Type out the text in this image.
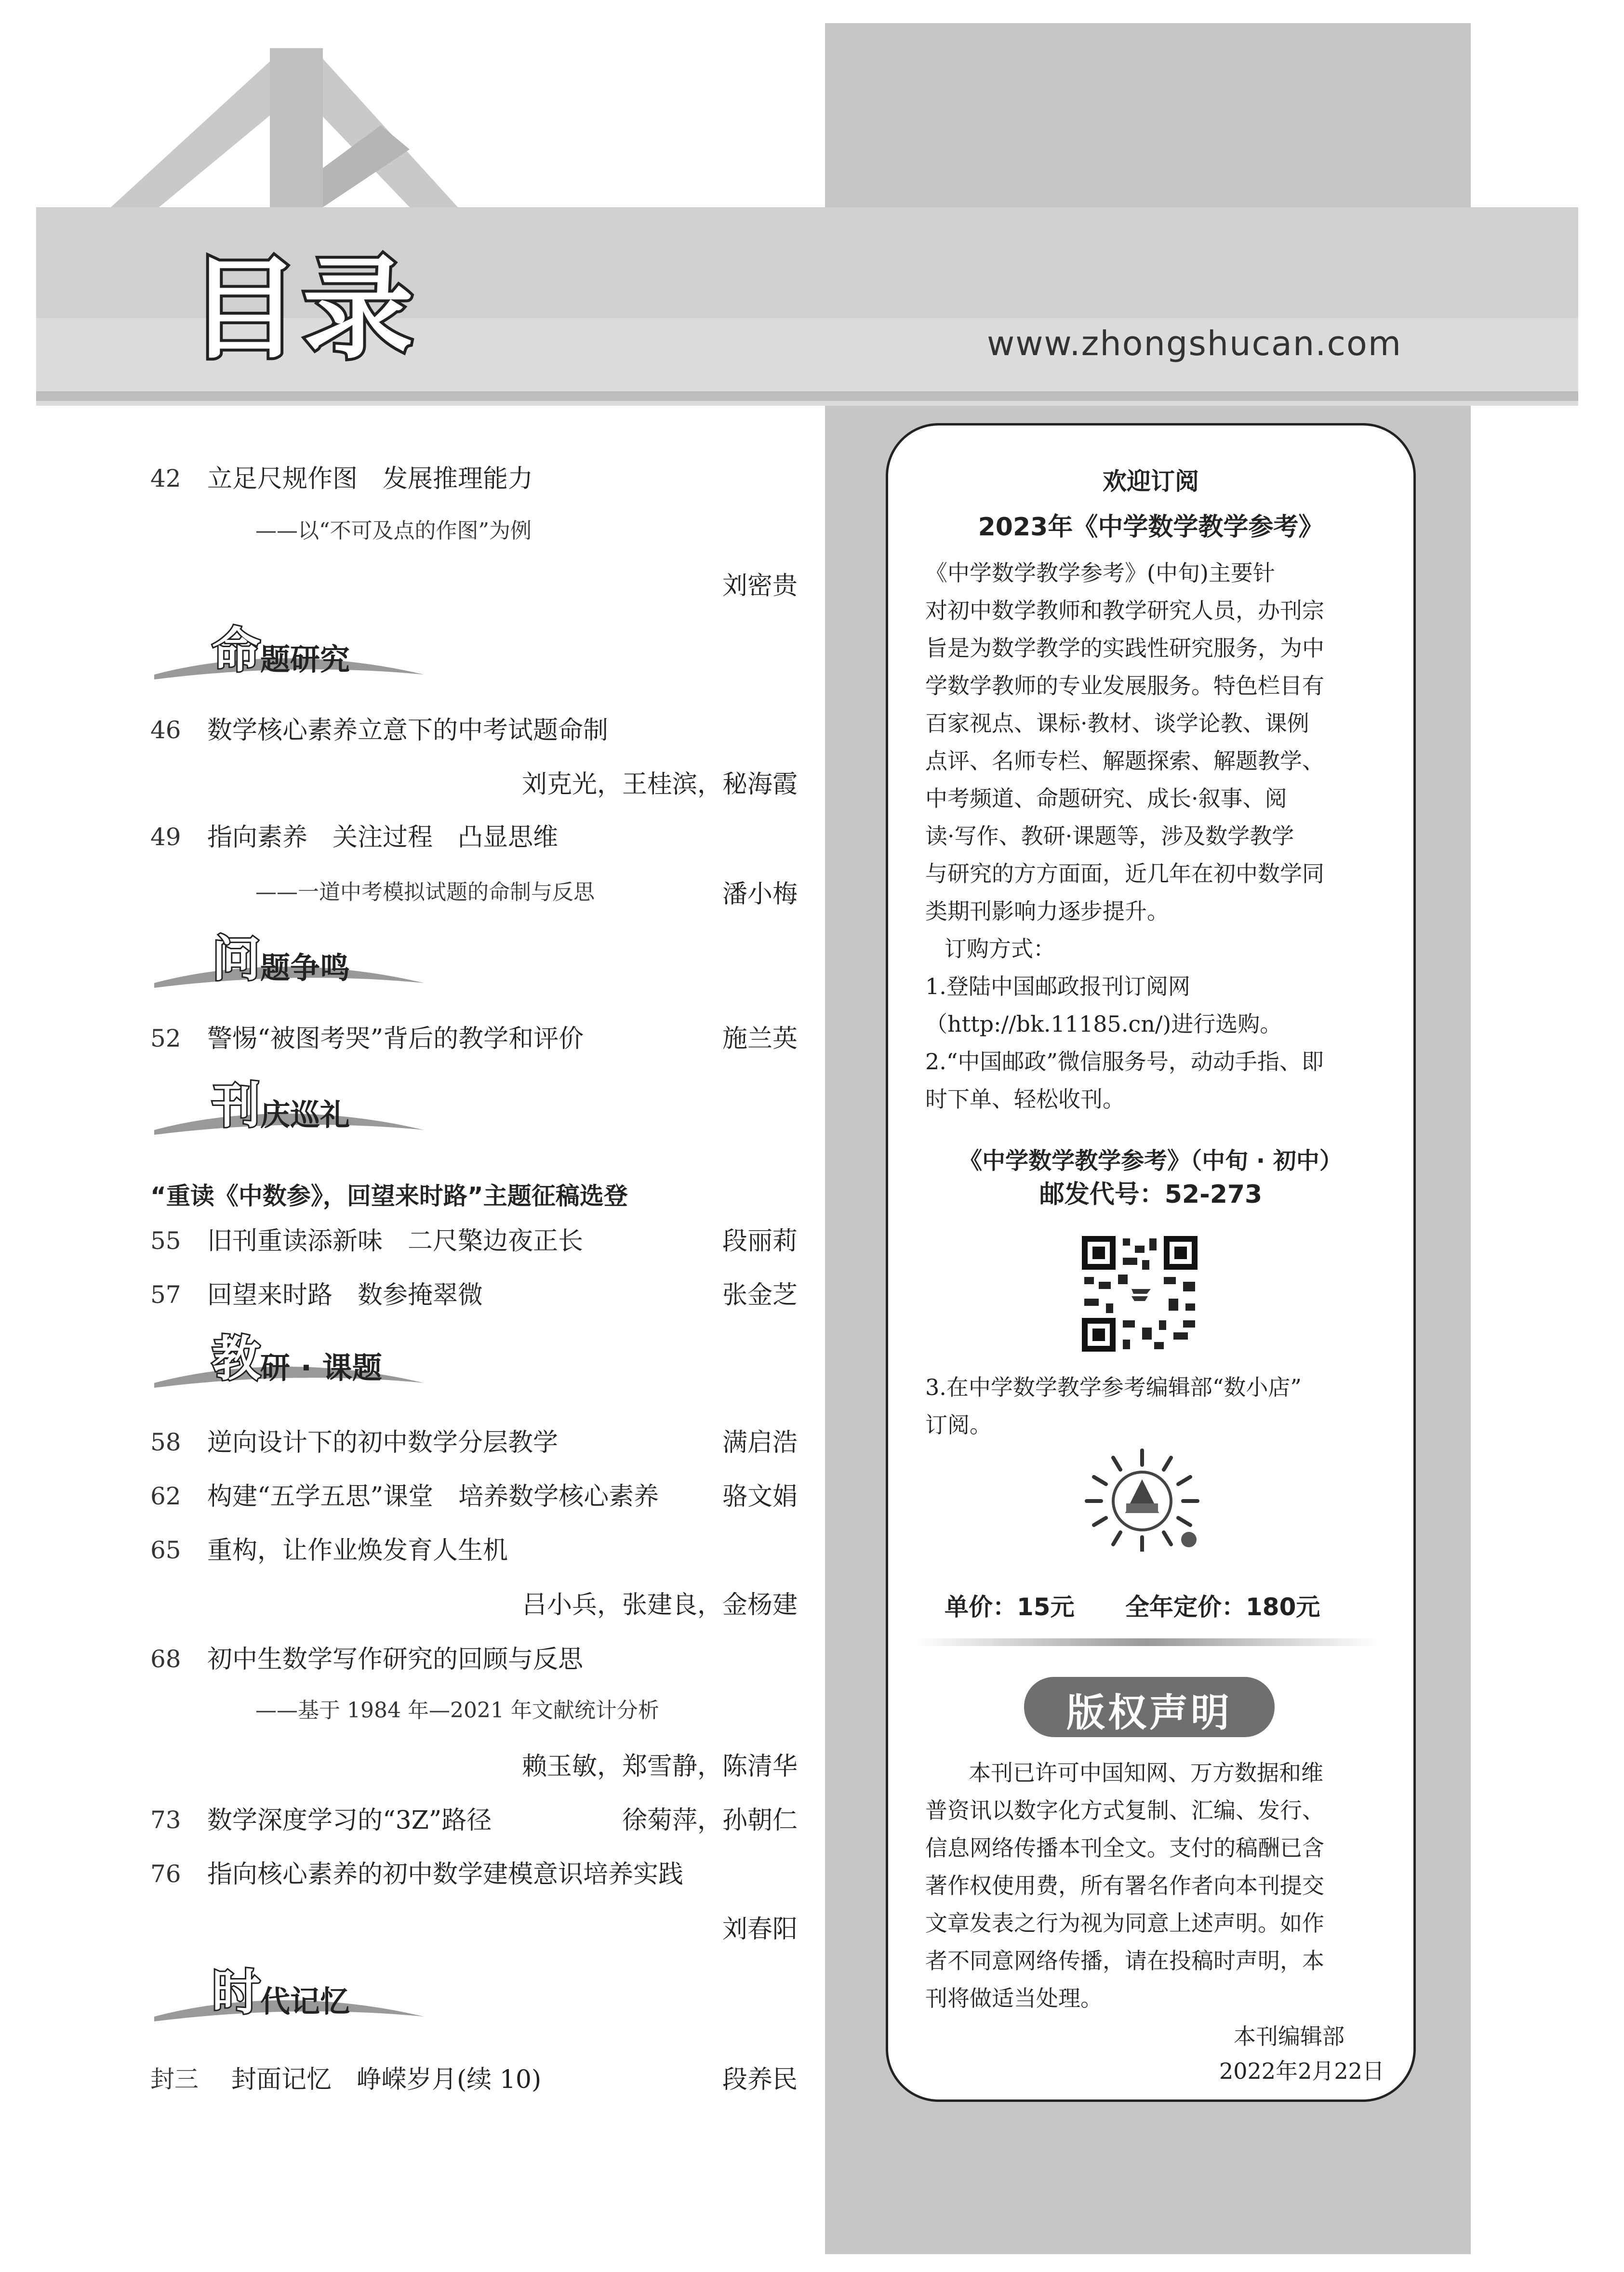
目录	www.zhongshucan.com
42 立足尺规作图　发展推理能力
——以“不可及点的作图”为例
刘密贵
命 题研究
46 数学核心素养立意下的中考试题命制
刘克光，王桂滨，秘海霞
49 指向素养　关注过程　凸显思维
——一道中考模拟试题的命制与反思	潘小梅
问 题争鸣
52 警惕“被图考哭”背后的教学和评价	施兰英
刊 庆巡礼
“重读《中数参》，回望来时路”主题征稿选登
55 旧刊重读添新味　二尺檠边夜正长	段丽莉
57 回望来时路　数参掩翠微	张金芝
教 研 · 课题
58 逆向设计下的初中数学分层教学	满启浩
62 构建“五学五思”课堂　培养数学核心素养	骆文娟
65 重构，让作业焕发育人生机
吕小兵，张建良，金杨建
68 初中生数学写作研究的回顾与反思
——基于 1984 年—2021 年文献统计分析
赖玉敏，郑雪静，陈清华
73 数学深度学习的“3Z”路径	徐菊萍，孙朝仁
76 指向核心素养的初中数学建模意识培养实践
刘春阳
时 代记忆
封三 封面记忆　峥嵘岁月(续 10)	段养民
欢迎订阅
2023年《中学数学教学参考》
《中学数学教学参考》(中旬)主要针
对初中数学教师和教学研究人员，办刊宗
旨是为数学教学的实践性研究服务，为中
学数学教师的专业发展服务。特色栏目有
百家视点、课标·教材、谈学论教、课例
点评、名师专栏、解题探索、解题教学、
中考频道、命题研究、成长·叙事、阅
读·写作、教研·课题等，涉及数学教学
与研究的方方面面，近几年在初中数学同
类期刊影响力逐步提升。
订购方式：
1.登陆中国邮政报刊订阅网
（http://bk.11185.cn/)进行选购。
2.“中国邮政”微信服务号，动动手指、即
时下单、轻松收刊。
《中学数学教学参考》（中旬 · 初中）
邮发代号：52-273
3.在中学数学教学参考编辑部“数小店”
订阅。
单价：15元 全年定价：180元
版权声明
本刊已许可中国知网、万方数据和维
普资讯以数字化方式复制、汇编、发行、
信息网络传播本刊全文。支付的稿酬已含
著作权使用费，所有署名作者向本刊提交
文章发表之行为视为同意上述声明。如作
者不同意网络传播，请在投稿时声明，本
刊将做适当处理。
本刊编辑部
2022年2月22日
